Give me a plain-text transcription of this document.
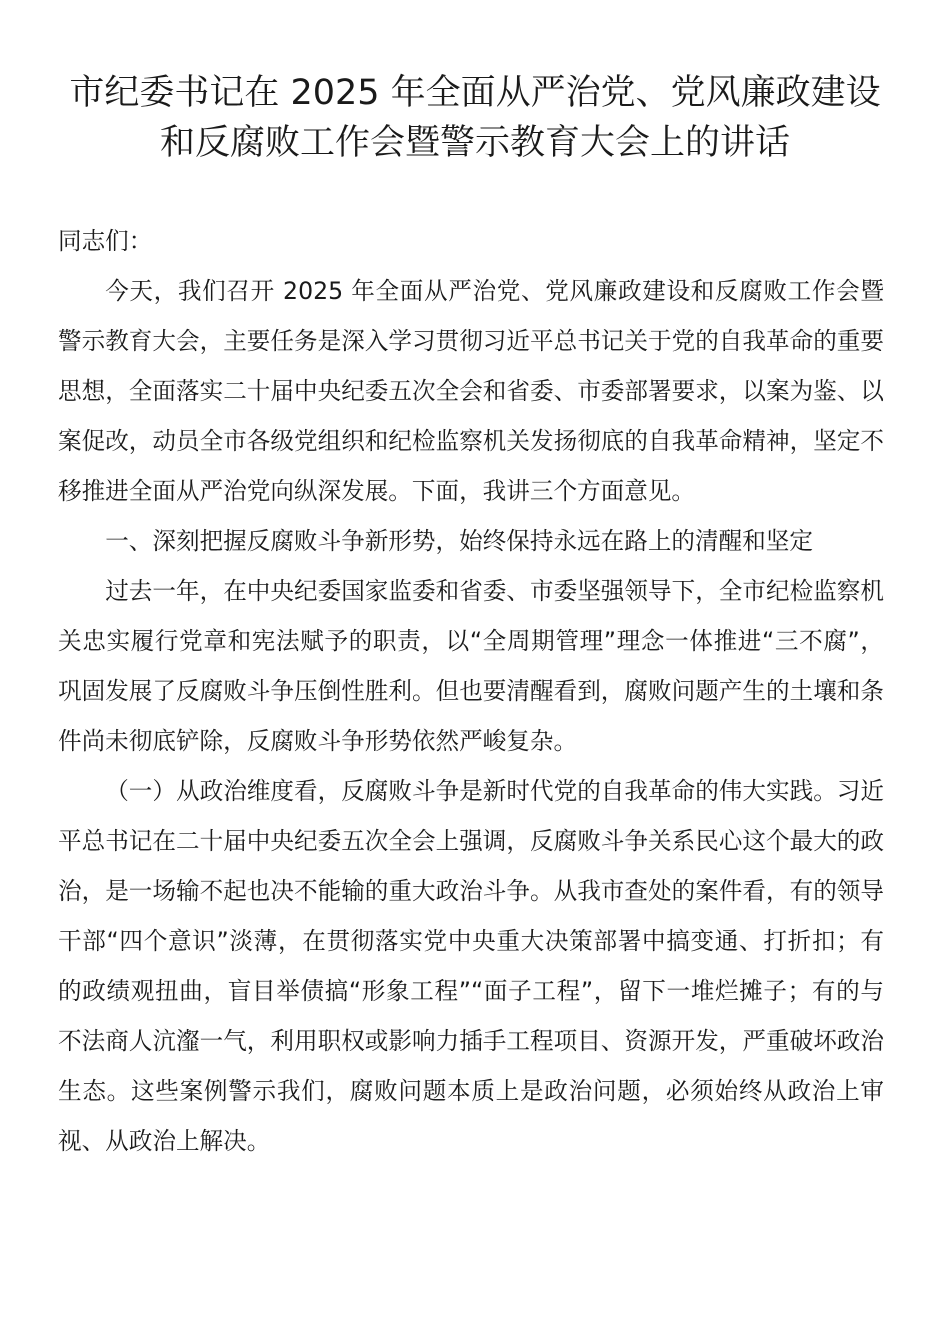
市纪委书记在 2025 年全面从严治党、党风廉政建设
和反腐败工作会暨警示教育大会上的讲话

同志们：

今天，我们召开 2025 年全面从严治党、党风廉政建设和反腐败工作会暨警示教育大会，主要任务是深入学习贯彻习近平总书记关于党的自我革命的重要思想，全面落实二十届中央纪委五次全会和省委、市委部署要求，以案为鉴、以案促改，动员全市各级党组织和纪检监察机关发扬彻底的自我革命精神，坚定不移推进全面从严治党向纵深发展。下面，我讲三个方面意见。

一、深刻把握反腐败斗争新形势，始终保持永远在路上的清醒和坚定

过去一年，在中央纪委国家监委和省委、市委坚强领导下，全市纪检监察机关忠实履行党章和宪法赋予的职责，以“全周期管理”理念一体推进“三不腐”，巩固发展了反腐败斗争压倒性胜利。但也要清醒看到，腐败问题产生的土壤和条件尚未彻底铲除，反腐败斗争形势依然严峻复杂。

（一）从政治维度看，反腐败斗争是新时代党的自我革命的伟大实践。习近平总书记在二十届中央纪委五次全会上强调，反腐败斗争关系民心这个最大的政治，是一场输不起也决不能输的重大政治斗争。从我市查处的案件看，有的领导干部“四个意识”淡薄，在贯彻落实党中央重大决策部署中搞变通、打折扣；有的政绩观扭曲，盲目举债搞“形象工程”“面子工程”，留下一堆烂摊子；有的与不法商人沆瀣一气，利用职权或影响力插手工程项目、资源开发，严重破坏政治生态。这些案例警示我们，腐败问题本质上是政治问题，必须始终从政治上审视、从政治上解决。
